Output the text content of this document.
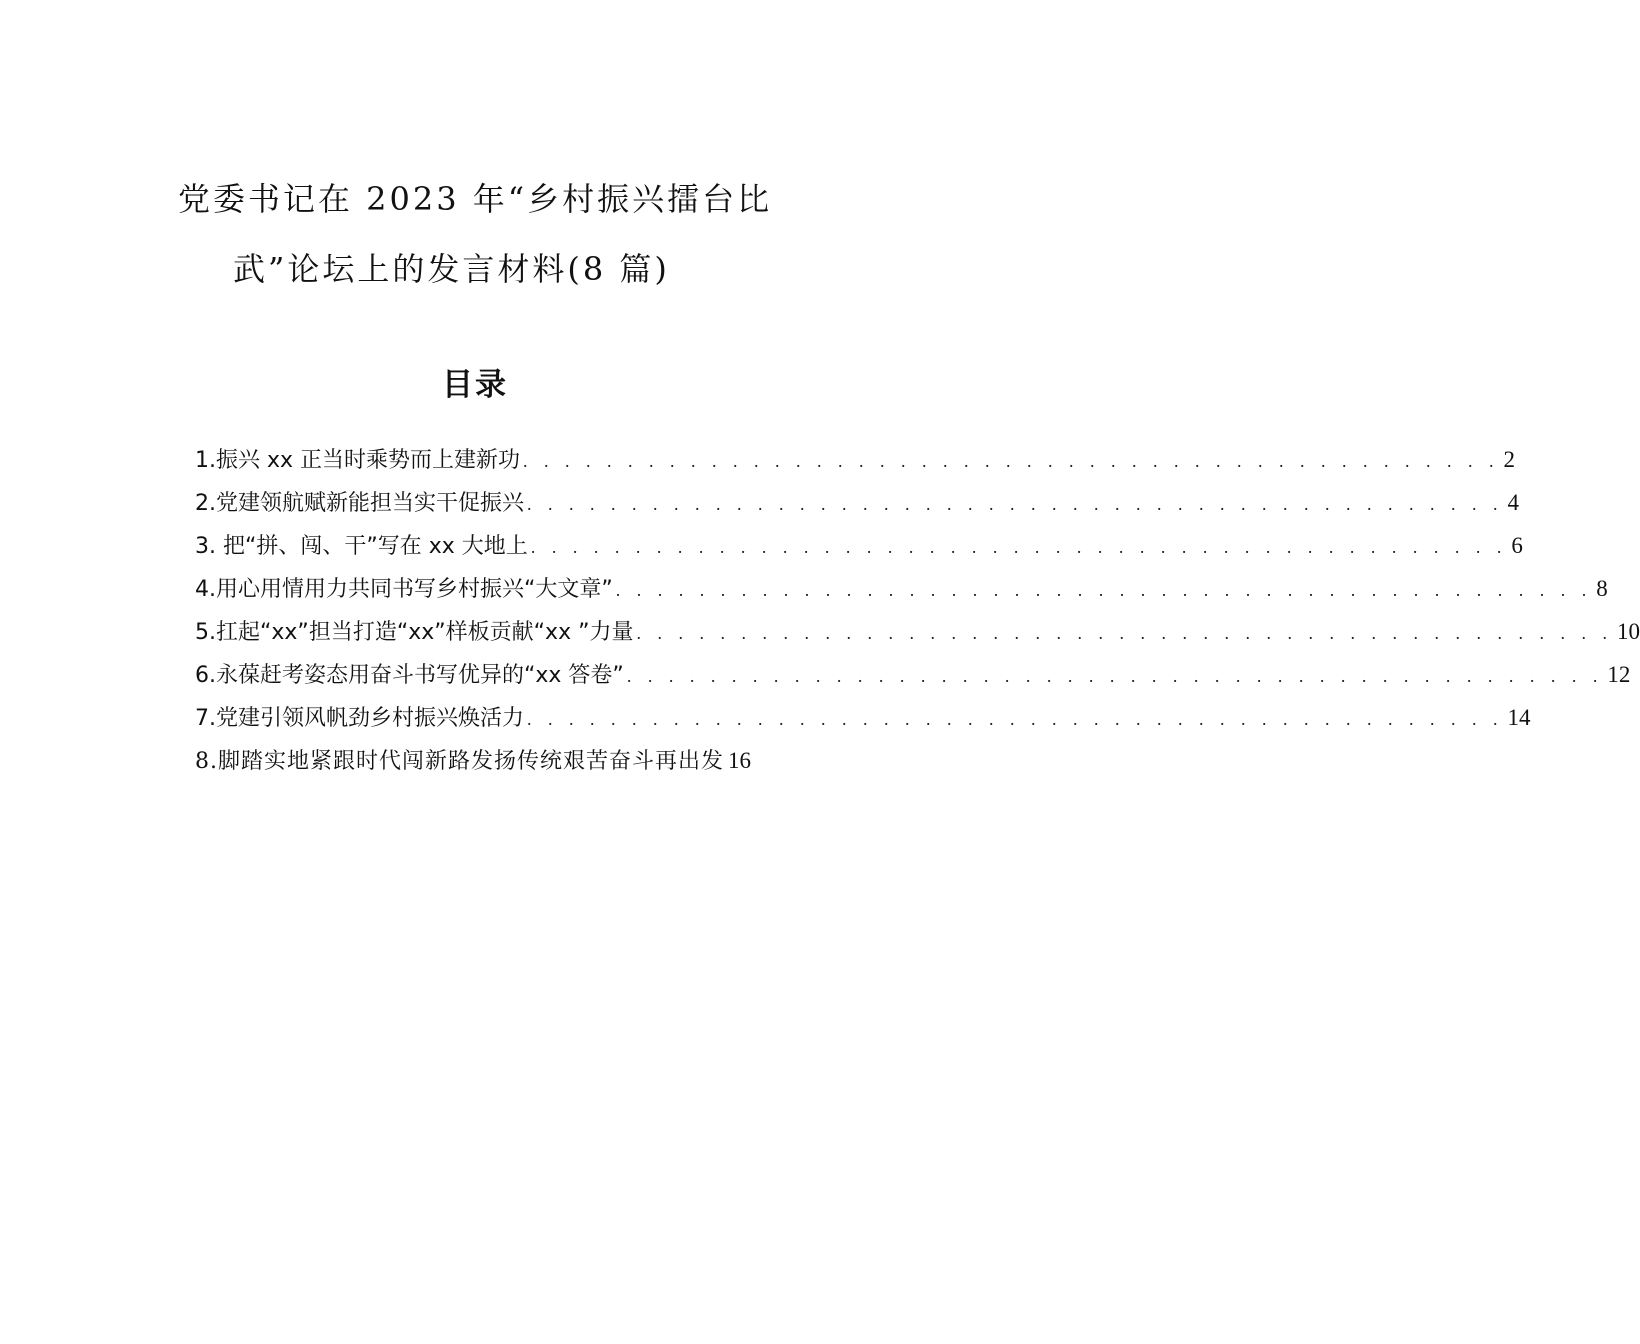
党委书记在 2023 年“乡村振兴擂台比
武”论坛上的发言材料(8 篇)
目录
1.振兴 xx 正当时乘势而上建新功 . . . . . . . . . . . . . . . . . . . . . . . . . . . . . . . . . . . . . . . . . . . . . . . 2
2.党建领航赋新能担当实干促振兴 . . . . . . . . . . . . . . . . . . . . . . . . . . . . . . . . . . . . . . . . . . . . . . . 4
3. 把“拼、闯、干”写在 xx 大地上 . . . . . . . . . . . . . . . . . . . . . . . . . . . . . . . . . . . . . . . . . . . . . . . 6
4.用心用情用力共同书写乡村振兴“大文章” . . . . . . . . . . . . . . . . . . . . . . . . . . . . . . . . . . . . . . . . . . . . . . . 8
5.扛起“xx”担当打造“xx”样板贡献“xx ”力量 . . . . . . . . . . . . . . . . . . . . . . . . . . . . . . . . . . . . . . . . . . . . . . . 10
6.永葆赶考姿态用奋斗书写优异的“xx 答卷” . . . . . . . . . . . . . . . . . . . . . . . . . . . . . . . . . . . . . . . . . . . . . . . 12
7.党建引领风帆劲乡村振兴焕活力 . . . . . . . . . . . . . . . . . . . . . . . . . . . . . . . . . . . . . . . . . . . . . . . 14
8.脚踏实地紧跟时代闯新路发扬传统艰苦奋斗再出发 16
